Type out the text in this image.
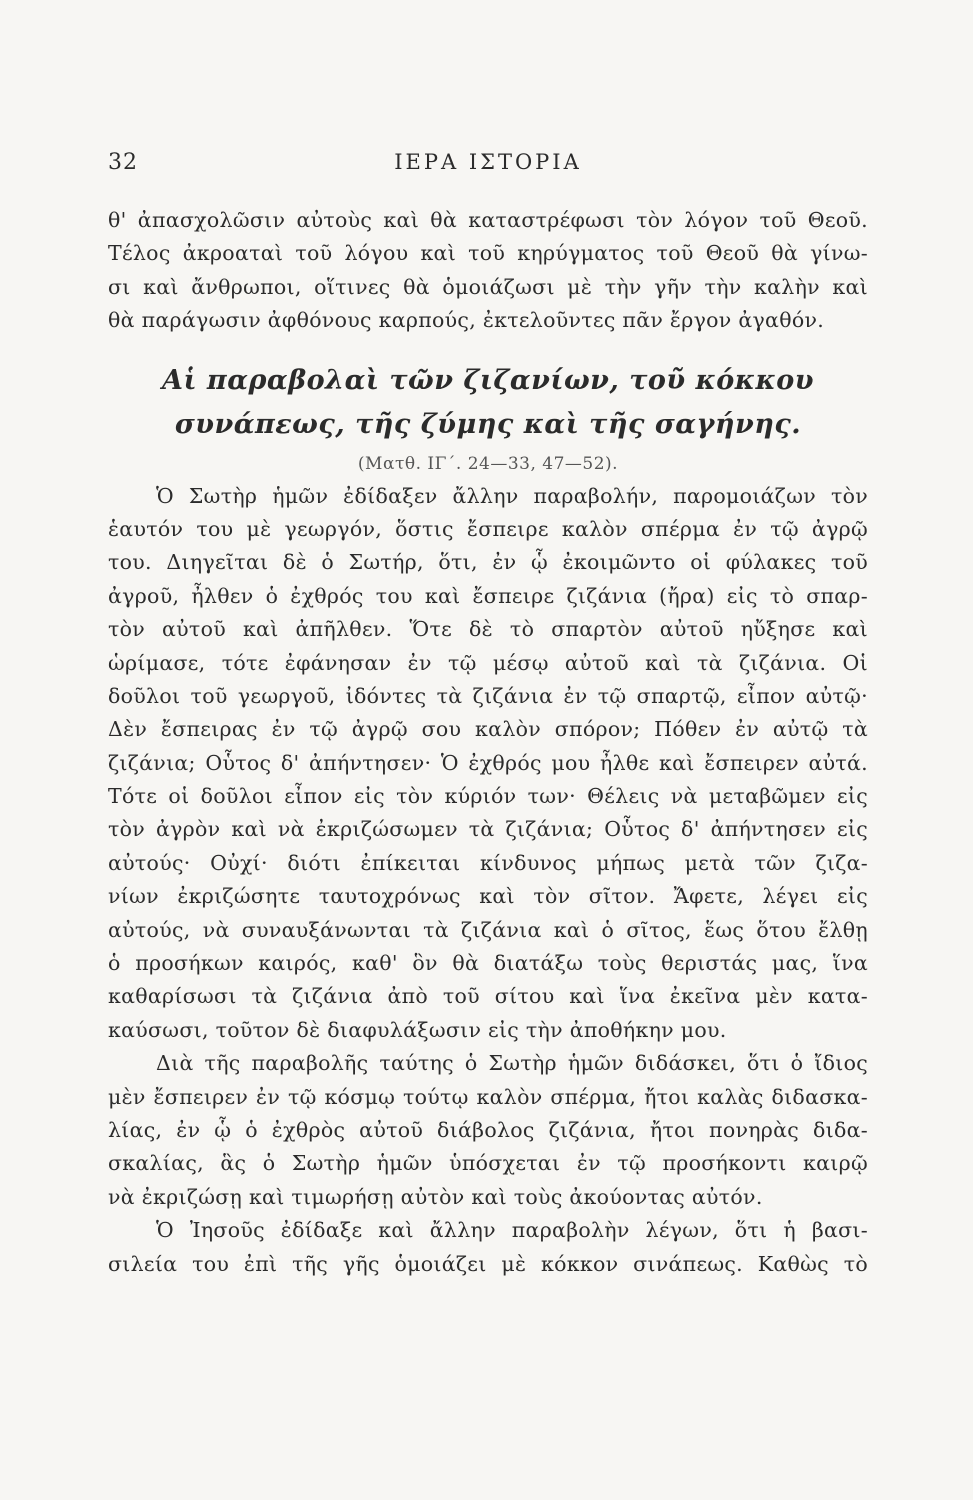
32	ΙΕΡΑ ΙΣΤΟΡΙΑ
θ' ἀπασχολῶσιν αὐτοὺς καὶ θὰ καταστρέφωσι τὸν λόγον τοῦ Θεοῦ.
Τέλος ἀκροαταὶ τοῦ λόγου καὶ τοῦ κηρύγματος τοῦ Θεοῦ θὰ γίνω-
σι καὶ ἄνθρωποι, οἵτινες θὰ ὁμοιάζωσι μὲ τὴν γῆν τὴν καλὴν καὶ
θὰ παράγωσιν ἀφθόνους καρπούς, ἐκτελοῦντες πᾶν ἔργον ἀγαθόν.
Αἱ παραβολαὶ τῶν ζιζανίων, τοῦ κόκκου
συνάπεως, τῆς ζύμης καὶ τῆς σαγήνης.
(Ματθ. ΙΓ΄. 24—33, 47—52).
Ὁ Σωτὴρ ἡμῶν ἐδίδαξεν ἄλλην παραβολήν, παρομοιάζων τὸν
ἑαυτόν του μὲ γεωργόν, ὅστις ἔσπειρε καλὸν σπέρμα ἐν τῷ ἀγρῷ
του. Διηγεῖται δὲ ὁ Σωτήρ, ὅτι, ἐν ᾧ ἐκοιμῶντο οἱ φύλακες τοῦ
ἀγροῦ, ἦλθεν ὁ ἐχθρός του καὶ ἔσπειρε ζιζάνια (ἤρα) εἰς τὸ σπαρ-
τὸν αὐτοῦ καὶ ἀπῆλθεν. Ὅτε δὲ τὸ σπαρτὸν αὐτοῦ ηὔξησε καὶ
ὡρίμασε, τότε ἐφάνησαν ἐν τῷ μέσῳ αὐτοῦ καὶ τὰ ζιζάνια. Οἱ
δοῦλοι τοῦ γεωργοῦ, ἰδόντες τὰ ζιζάνια ἐν τῷ σπαρτῷ, εἶπον αὐτῷ·
Δὲν ἔσπειρας ἐν τῷ ἀγρῷ σου καλὸν σπόρον; Πόθεν ἐν αὐτῷ τὰ
ζιζάνια; Οὗτος δ' ἀπήντησεν· Ὁ ἐχθρός μου ἦλθε καὶ ἔσπειρεν αὐτά.
Τότε οἱ δοῦλοι εἶπον εἰς τὸν κύριόν των· Θέλεις νὰ μεταβῶμεν εἰς
τὸν ἀγρὸν καὶ νὰ ἐκριζώσωμεν τὰ ζιζάνια; Οὗτος δ' ἀπήντησεν εἰς
αὐτούς· Οὐχί· διότι ἐπίκειται κίνδυνος μήπως μετὰ τῶν ζιζα-
νίων ἐκριζώσητε ταυτοχρόνως καὶ τὸν σῖτον. Ἄφετε, λέγει εἰς
αὐτούς, νὰ συναυξάνωνται τὰ ζιζάνια καὶ ὁ σῖτος, ἕως ὅτου ἔλθῃ
ὁ προσήκων καιρός, καθ' ὃν θὰ διατάξω τοὺς θεριστάς μας, ἵνα
καθαρίσωσι τὰ ζιζάνια ἀπὸ τοῦ σίτου καὶ ἵνα ἐκεῖνα μὲν κατα-
καύσωσι, τοῦτον δὲ διαφυλάξωσιν εἰς τὴν ἀποθήκην μου.
Διὰ τῆς παραβολῆς ταύτης ὁ Σωτὴρ ἡμῶν διδάσκει, ὅτι ὁ ἴδιος
μὲν ἔσπειρεν ἐν τῷ κόσμῳ τούτῳ καλὸν σπέρμα, ἤτοι καλὰς διδασκα-
λίας, ἐν ᾧ ὁ ἐχθρὸς αὐτοῦ διάβολος ζιζάνια, ἤτοι πονηρὰς διδα-
σκαλίας, ἃς ὁ Σωτὴρ ἡμῶν ὑπόσχεται ἐν τῷ προσήκοντι καιρῷ
νὰ ἐκριζώσῃ καὶ τιμωρήσῃ αὐτὸν καὶ τοὺς ἀκούοντας αὐτόν.
Ὁ Ἰησοῦς ἐδίδαξε καὶ ἄλλην παραβολὴν λέγων, ὅτι ἡ βασι-
σιλεία του ἐπὶ τῆς γῆς ὁμοιάζει μὲ κόκκον σινάπεως. Καθὼς τὸ
